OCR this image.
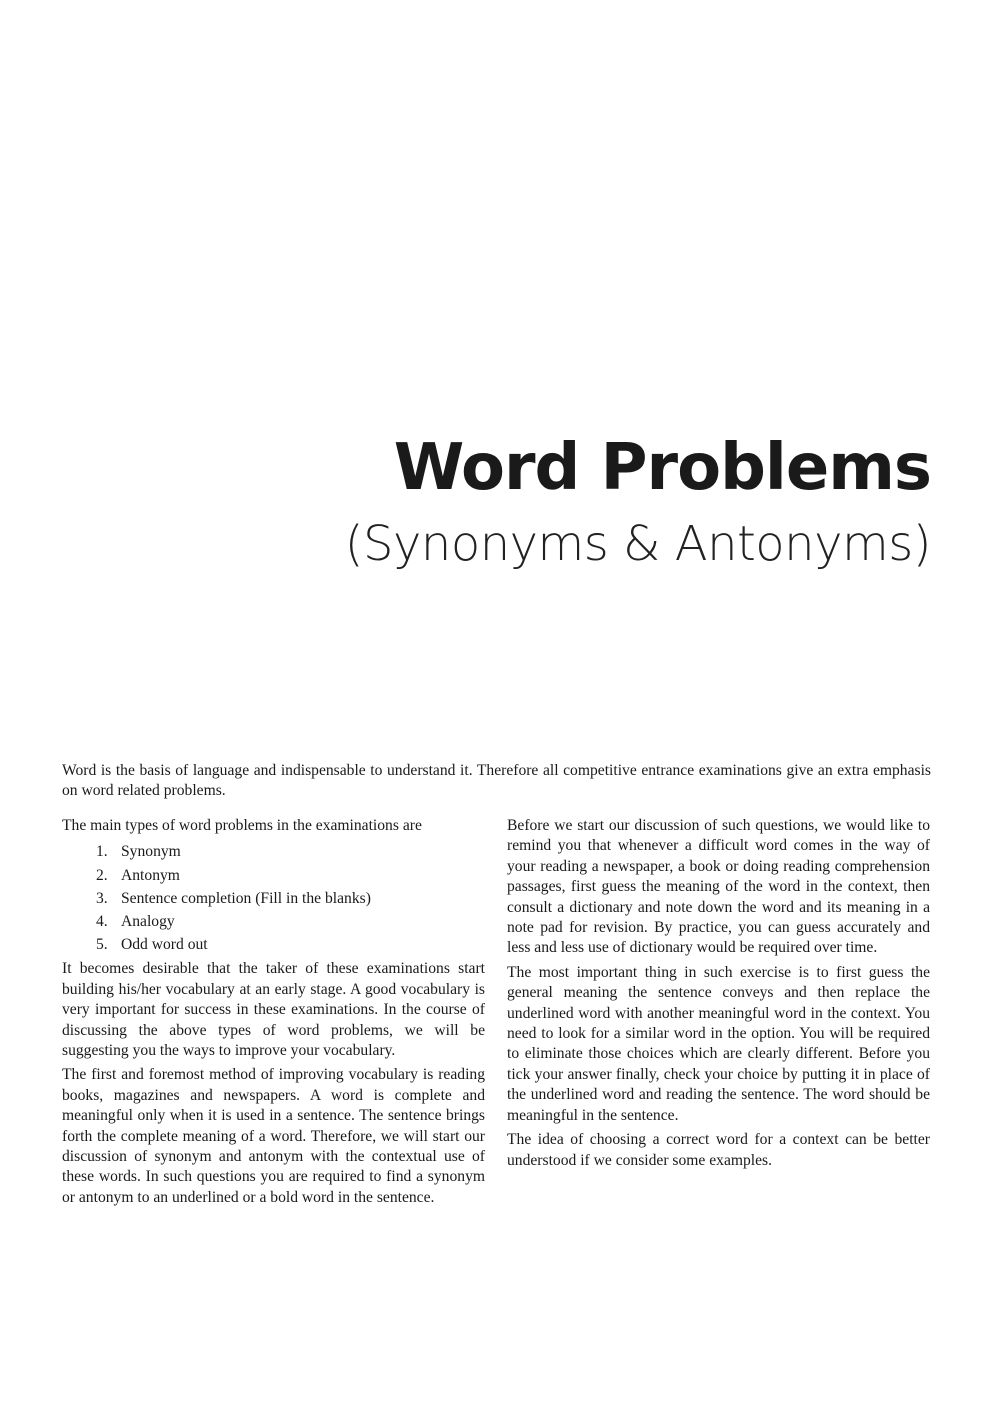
Word Problems
(Synonyms & Antonyms)

Word is the basis of language and indispensable to understand it. Therefore all competitive entrance examinations give an extra emphasis on word related problems.

The main types of word problems in the examinations are

1. Synonym
2. Antonym
3. Sentence completion (Fill in the blanks)
4. Analogy
5. Odd word out

It becomes desirable that the taker of these examinations start building his/her vocabulary at an early stage. A good vocabulary is very important for success in these examinations. In the course of discussing the above types of word problems, we will be suggesting you the ways to improve your vocabulary.

The first and foremost method of improving vocabulary is reading books, magazines and newspapers. A word is complete and meaningful only when it is used in a sentence. The sentence brings forth the complete meaning of a word. Therefore, we will start our discussion of synonym and antonym with the contextual use of these words. In such questions you are required to find a synonym or antonym to an underlined or a bold word in the sentence.

Before we start our discussion of such questions, we would like to remind you that whenever a difficult word comes in the way of your reading a newspaper, a book or doing reading comprehension passages, first guess the meaning of the word in the context, then consult a dictionary and note down the word and its meaning in a note pad for revision. By practice, you can guess accurately and less and less use of dictionary would be required over time.

The most important thing in such exercise is to first guess the general meaning the sentence conveys and then replace the underlined word with another meaningful word in the context. You need to look for a similar word in the option. You will be required to eliminate those choices which are clearly different. Before you tick your answer finally, check your choice by putting it in place of the underlined word and reading the sentence. The word should be meaningful in the sentence.

The idea of choosing a correct word for a context can be better understood if we consider some examples.
